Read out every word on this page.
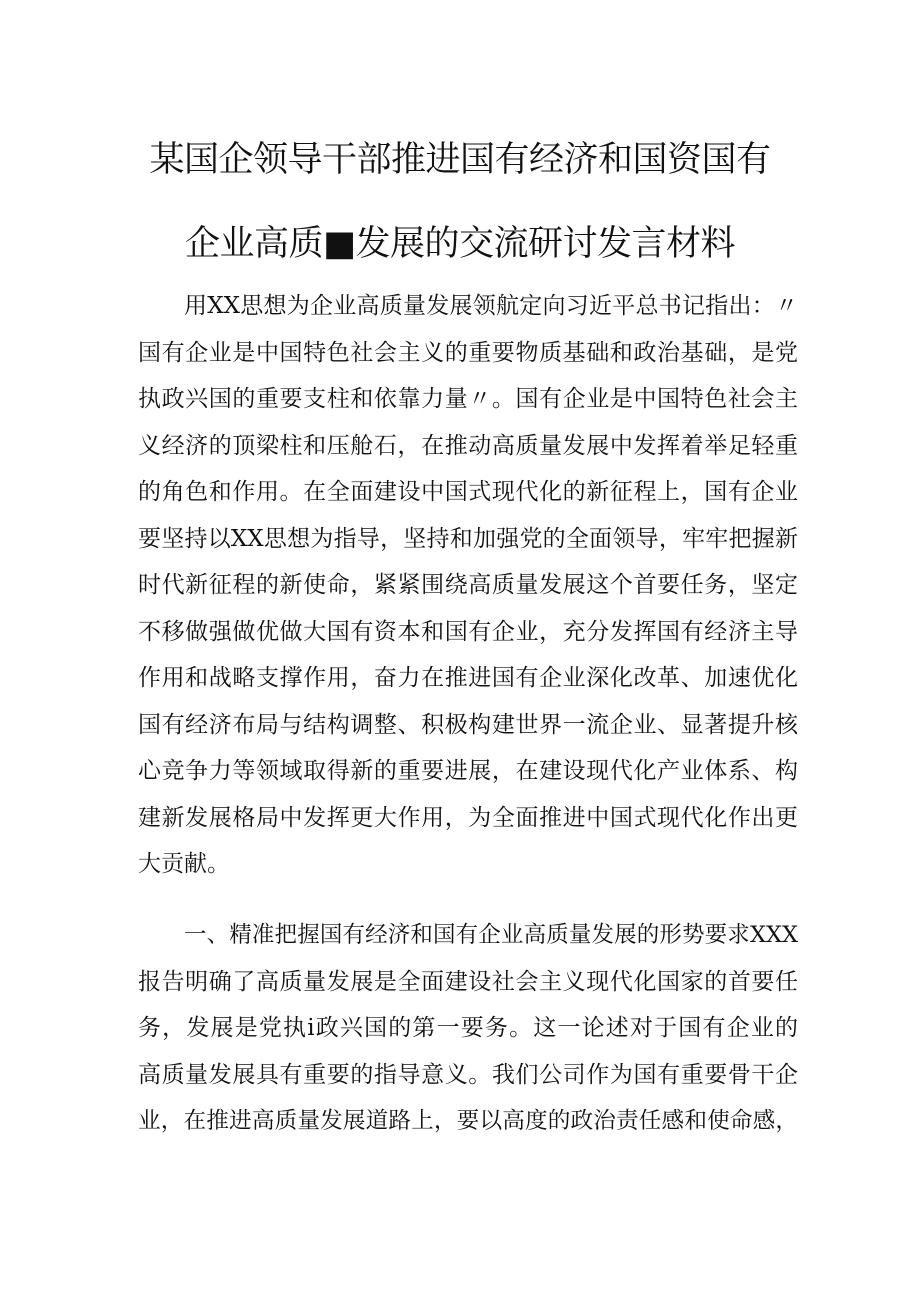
某国企领导干部推进国有经济和国资国有
企业高质■发展的交流研讨发言材料
用XX思想为企业高质量发展领航定向习近平总书记指出：〃
国有企业是中国特色社会主义的重要物质基础和政治基础，是党
执政兴国的重要支柱和依靠力量〃。国有企业是中国特色社会主
义经济的顶梁柱和压舱石，在推动高质量发展中发挥着举足轻重
的角色和作用。在全面建设中国式现代化的新征程上，国有企业
要坚持以XX思想为指导，坚持和加强党的全面领导，牢牢把握新
时代新征程的新使命，紧紧围绕高质量发展这个首要任务，坚定
不移做强做优做大国有资本和国有企业，充分发挥国有经济主导
作用和战略支撑作用，奋力在推进国有企业深化改革、加速优化
国有经济布局与结构调整、积极构建世界一流企业、显著提升核
心竞争力等领域取得新的重要进展，在建设现代化产业体系、构
建新发展格局中发挥更大作用，为全面推进中国式现代化作出更
大贡献。
一、精准把握国有经济和国有企业高质量发展的形势要求XXX
报告明确了高质量发展是全面建设社会主义现代化国家的首要任
务，发展是党执i政兴国的第一要务。这一论述对于国有企业的
高质量发展具有重要的指导意义。我们公司作为国有重要骨干企
业，在推进高质量发展道路上，要以高度的政治责任感和使命感，
